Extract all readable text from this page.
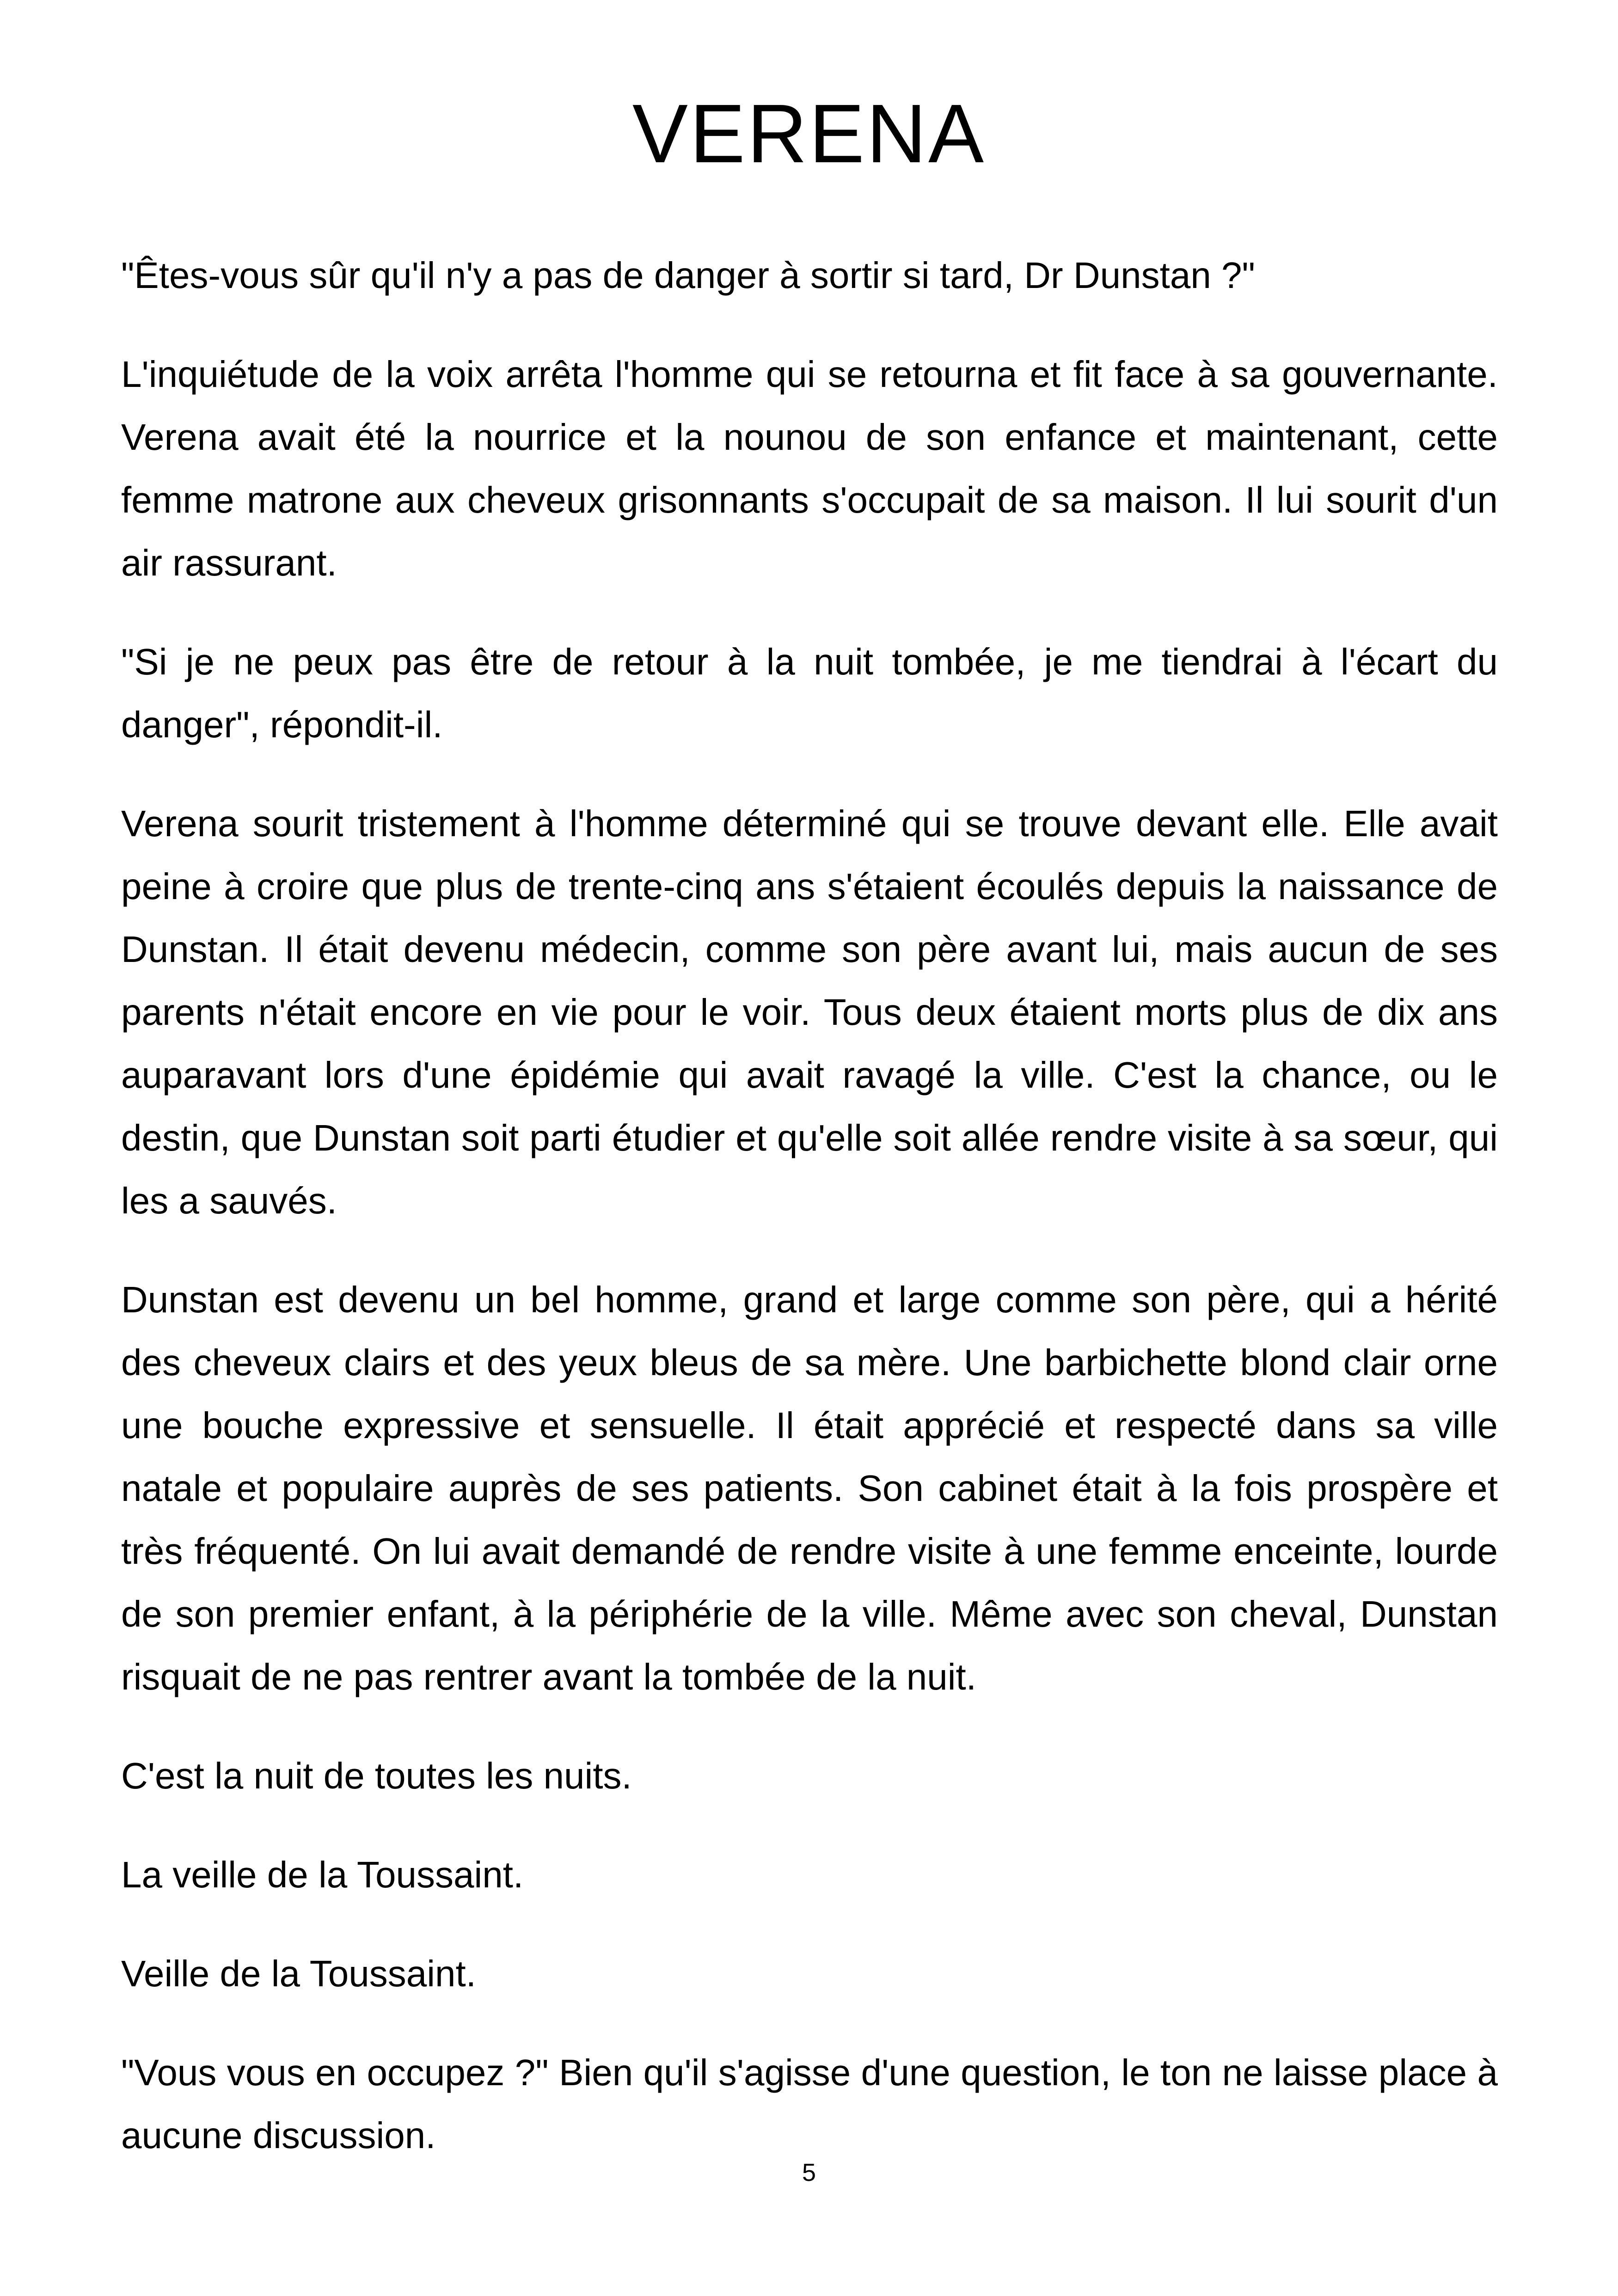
VERENA

"Êtes-vous sûr qu'il n'y a pas de danger à sortir si tard, Dr Dunstan ?"

L'inquiétude de la voix arrêta l'homme qui se retourna et fit face à sa gouvernante. Verena avait été la nourrice et la nounou de son enfance et maintenant, cette femme matrone aux cheveux grisonnants s'occupait de sa maison. Il lui sourit d'un air rassurant.

"Si je ne peux pas être de retour à la nuit tombée, je me tiendrai à l'écart du danger", répondit-il.

Verena sourit tristement à l'homme déterminé qui se trouve devant elle. Elle avait peine à croire que plus de trente-cinq ans s'étaient écoulés depuis la naissance de Dunstan. Il était devenu médecin, comme son père avant lui, mais aucun de ses parents n'était encore en vie pour le voir. Tous deux étaient morts plus de dix ans auparavant lors d'une épidémie qui avait ravagé la ville. C'est la chance, ou le destin, que Dunstan soit parti étudier et qu'elle soit allée rendre visite à sa sœur, qui les a sauvés.

Dunstan est devenu un bel homme, grand et large comme son père, qui a hérité des cheveux clairs et des yeux bleus de sa mère. Une barbichette blond clair orne une bouche expressive et sensuelle. Il était apprécié et respecté dans sa ville natale et populaire auprès de ses patients. Son cabinet était à la fois prospère et très fréquenté. On lui avait demandé de rendre visite à une femme enceinte, lourde de son premier enfant, à la périphérie de la ville. Même avec son cheval, Dunstan risquait de ne pas rentrer avant la tombée de la nuit.

C'est la nuit de toutes les nuits.

La veille de la Toussaint.

Veille de la Toussaint.

"Vous vous en occupez ?" Bien qu'il s'agisse d'une question, le ton ne laisse place à aucune discussion.

5
